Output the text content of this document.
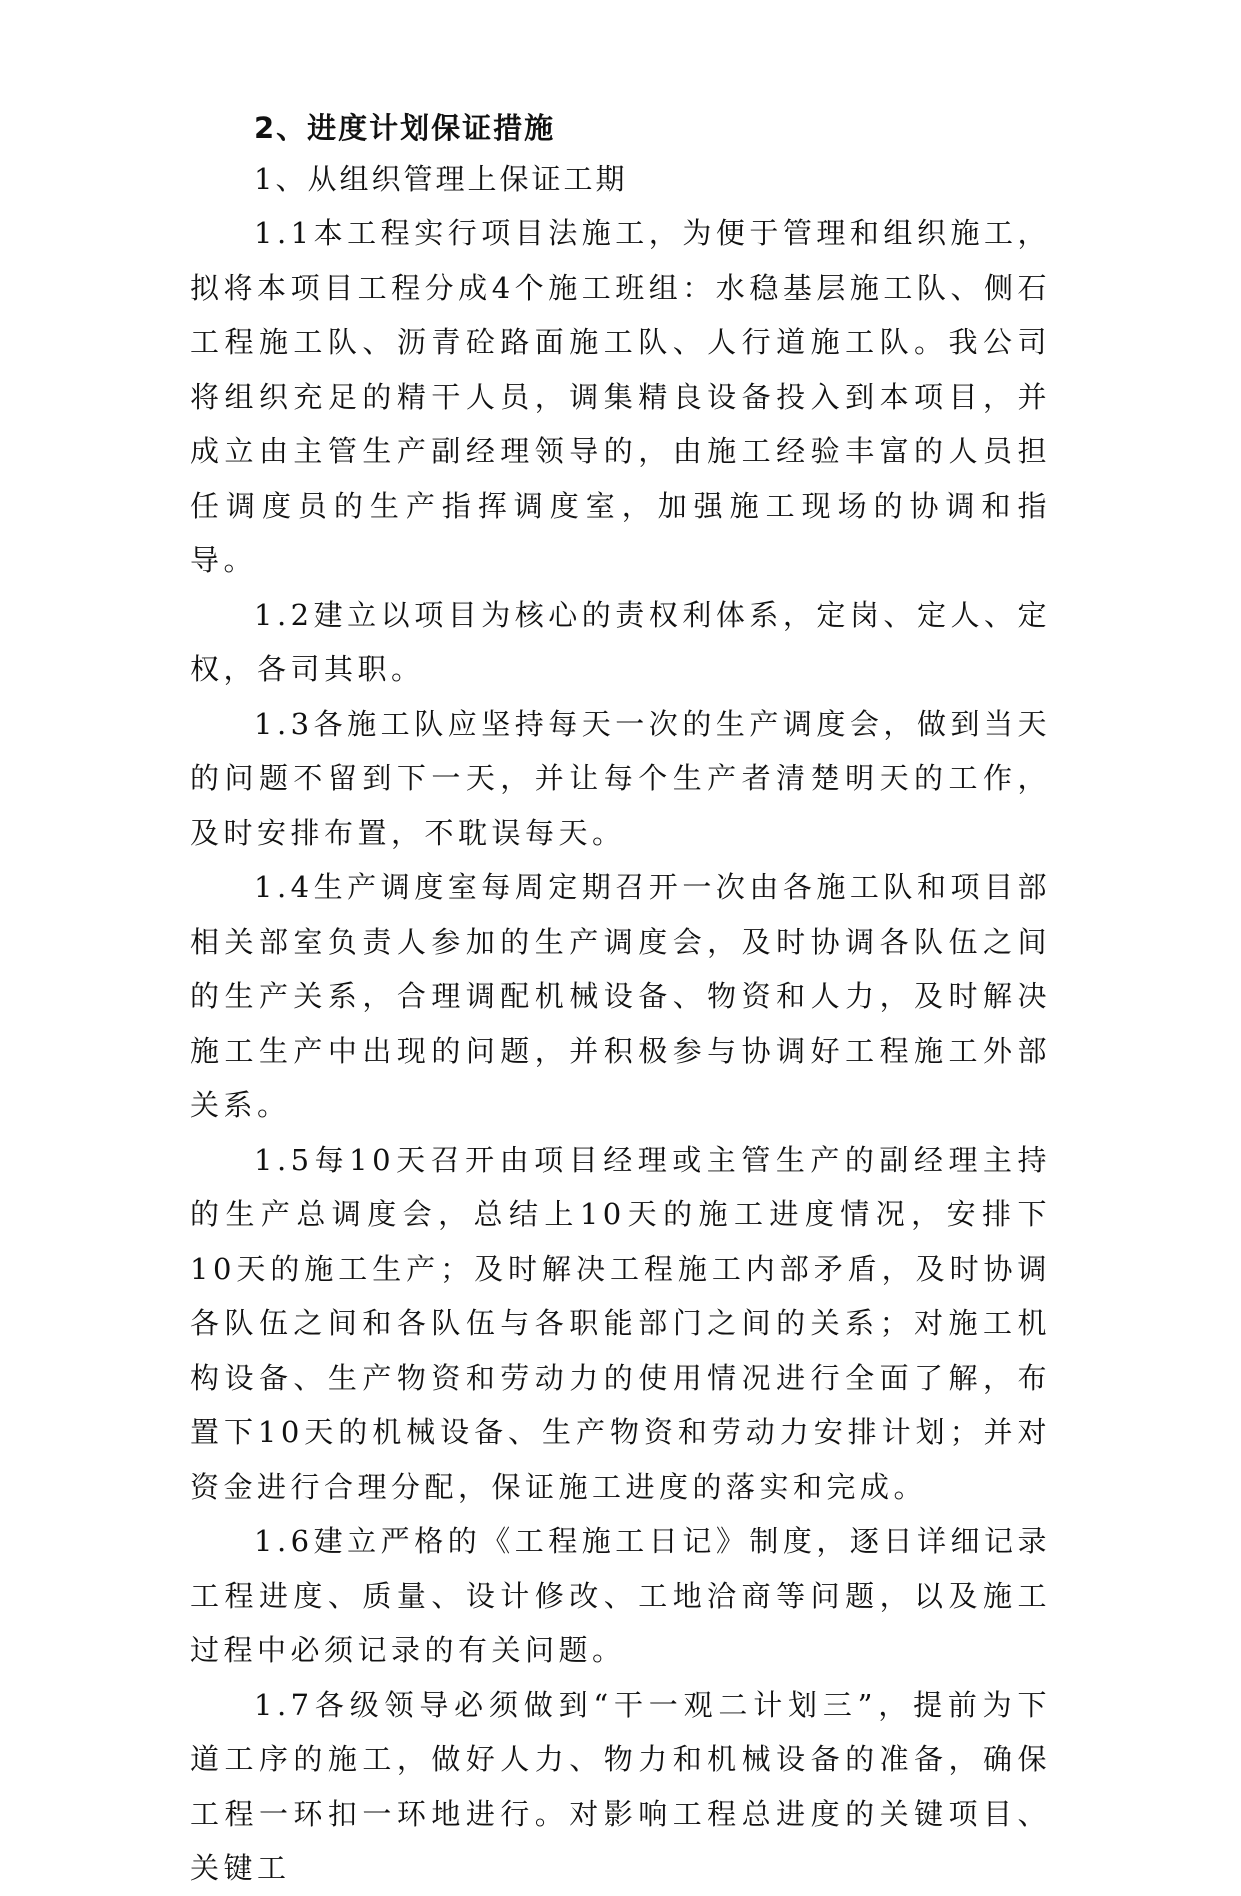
2、进度计划保证措施

1、从组织管理上保证工期

1.1本工程实行项目法施工，为便于管理和组织施工，拟将本项目工程分成4个施工班组：水稳基层施工队、侧石工程施工队、沥青砼路面施工队、人行道施工队。我公司将组织充足的精干人员，调集精良设备投入到本项目，并成立由主管生产副经理领导的，由施工经验丰富的人员担任调度员的生产指挥调度室，加强施工现场的协调和指导。

1.2建立以项目为核心的责权利体系，定岗、定人、定权，各司其职。

1.3各施工队应坚持每天一次的生产调度会，做到当天的问题不留到下一天，并让每个生产者清楚明天的工作，及时安排布置，不耽误每天。

1.4生产调度室每周定期召开一次由各施工队和项目部相关部室负责人参加的生产调度会，及时协调各队伍之间的生产关系，合理调配机械设备、物资和人力，及时解决施工生产中出现的问题，并积极参与协调好工程施工外部关系。

1.5每10天召开由项目经理或主管生产的副经理主持的生产总调度会，总结上10天的施工进度情况，安排下10天的施工生产；及时解决工程施工内部矛盾，及时协调各队伍之间和各队伍与各职能部门之间的关系；对施工机构设备、生产物资和劳动力的使用情况进行全面了解，布置下10天的机械设备、生产物资和劳动力安排计划；并对资金进行合理分配，保证施工进度的落实和完成。

1.6建立严格的《工程施工日记》制度，逐日详细记录工程进度、质量、设计修改、工地洽商等问题，以及施工过程中必须记录的有关问题。

1.7各级领导必须做到“干一观二计划三”，提前为下道工序的施工，做好人力、物力和机械设备的准备，确保工程一环扣一环地进行。对影响工程总进度的关键项目、关键工
